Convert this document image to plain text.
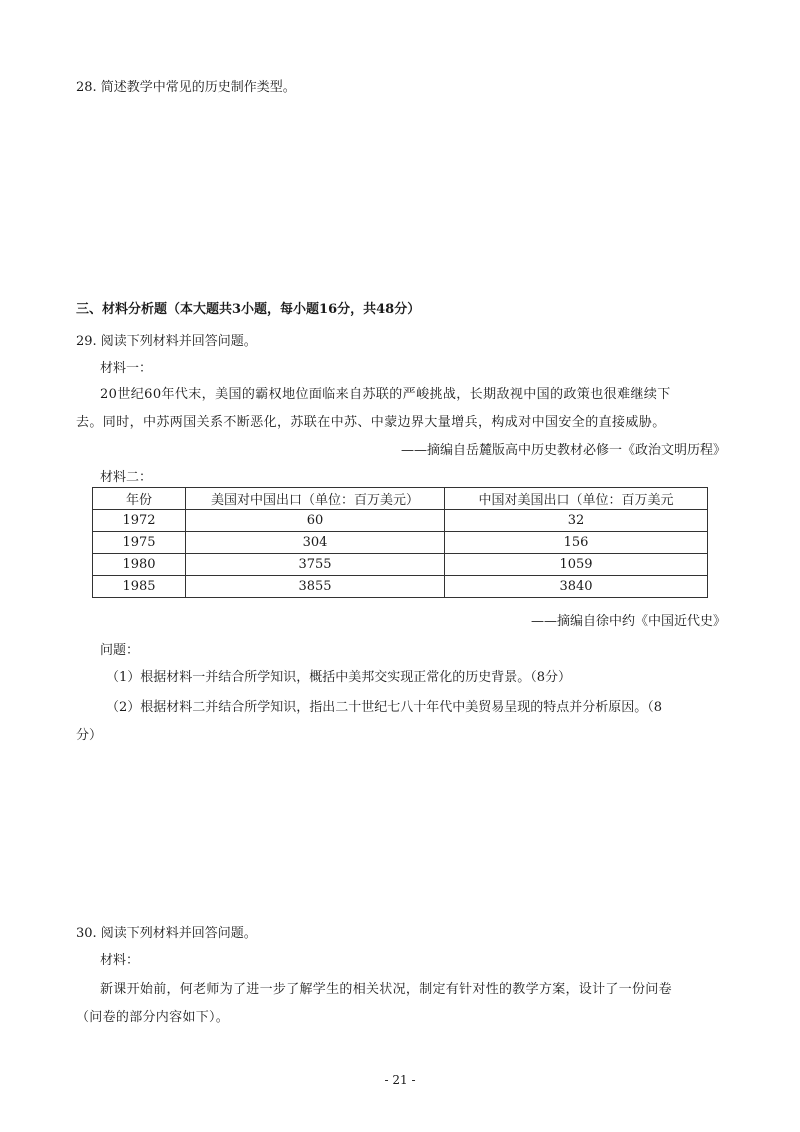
28. 简述教学中常见的历史制作类型。
三、材料分析题（本大题共3小题，每小题16分，共48分）
29. 阅读下列材料并回答问题。
材料一：
20世纪60年代末，美国的霸权地位面临来自苏联的严峻挑战，长期敌视中国的政策也很难继续下
去。同时，中苏两国关系不断恶化，苏联在中苏、中蒙边界大量增兵，构成对中国安全的直接威胁。
——摘编自岳麓版高中历史教材必修一《政治文明历程》
材料二：
年份	美国对中国出口（单位：百万美元）	中国对美国出口（单位：百万美元
1972	60	32
1975	304	156
1980	3755	1059
1985	3855	3840
——摘编自徐中约《中国近代史》
问题：
（1）根据材料一并结合所学知识，概括中美邦交实现正常化的历史背景。（8分）
（2）根据材料二并结合所学知识，指出二十世纪七八十年代中美贸易呈现的特点并分析原因。（8
分）
30. 阅读下列材料并回答问题。
材料：
新课开始前，何老师为了进一步了解学生的相关状况，制定有针对性的教学方案，设计了一份问卷
（问卷的部分内容如下）。
- 21 -
